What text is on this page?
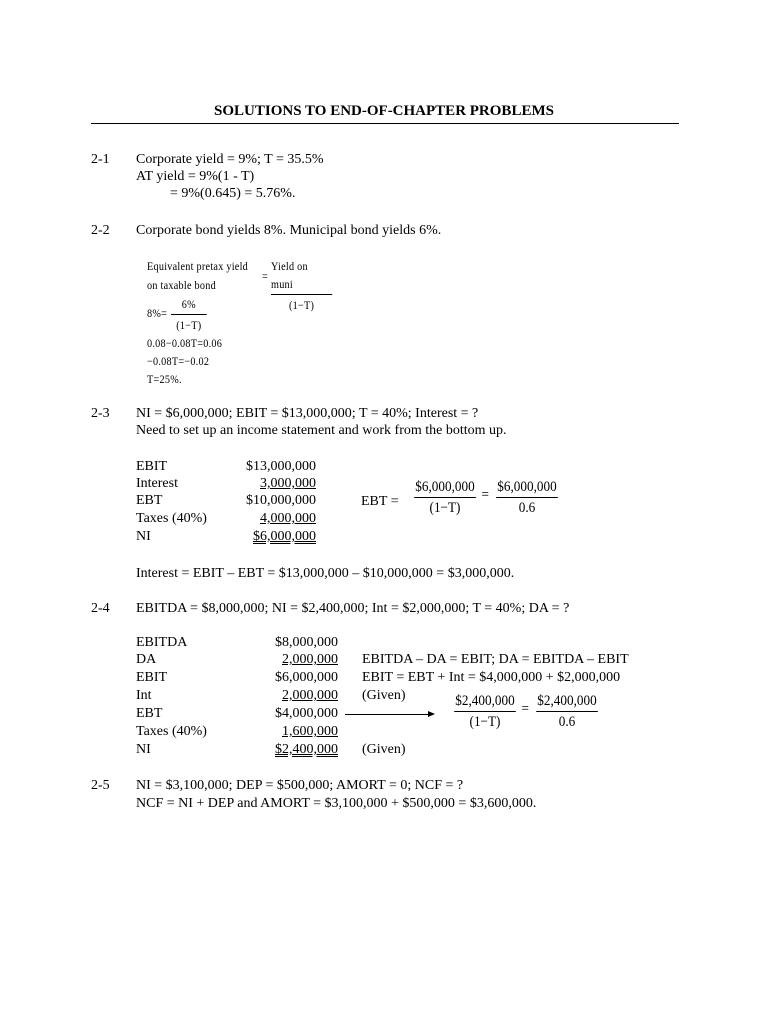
SOLUTIONS TO END-OF-CHAPTER PROBLEMS
2-1 Corporate yield = 9%; T = 35.5%
AT yield = 9%(1 - T)
= 9%(0.645) = 5.76%.
2-2 Corporate bond yields 8%. Municipal bond yields 6%.
Equivalent pretax yield
on taxable bond
=
Yield on muni
(1−T)
8%=
6%
(1−T)
0.08−0.08T=0.06
−0.08T=−0.02
T=25%.
2-3 NI = $6,000,000; EBIT = $13,000,000; T = 40%; Interest = ?
Need to set up an income statement and work from the bottom up.
EBIT	$13,000,000
Interest	3,000,000
EBT	$10,000,000
Taxes (40%)	4,000,000
NI	$6,000,000
EBT =
$6,000,000
(1−T)
= $6,000,000
0.6
Interest = EBIT – EBT = $13,000,000 – $10,000,000 = $3,000,000.
2-4 EBITDA = $8,000,000; NI = $2,400,000; Int = $2,000,000; T = 40%; DA = ?
EBITDA	$8,000,000
DA	2,000,000
EBIT	$6,000,000
Int	2,000,000
EBT	$4,000,000
Taxes (40%)	1,600,000
NI	$2,400,000
EBITDA – DA = EBIT; DA = EBITDA – EBIT
EBIT = EBT + Int = $4,000,000 + $2,000,000
(Given)
(Given)
$2,400,000
(1−T)
= $2,400,000
0.6
2-5 NI = $3,100,000; DEP = $500,000; AMORT = 0; NCF = ?
NCF = NI + DEP and AMORT = $3,100,000 + $500,000 = $3,600,000.
